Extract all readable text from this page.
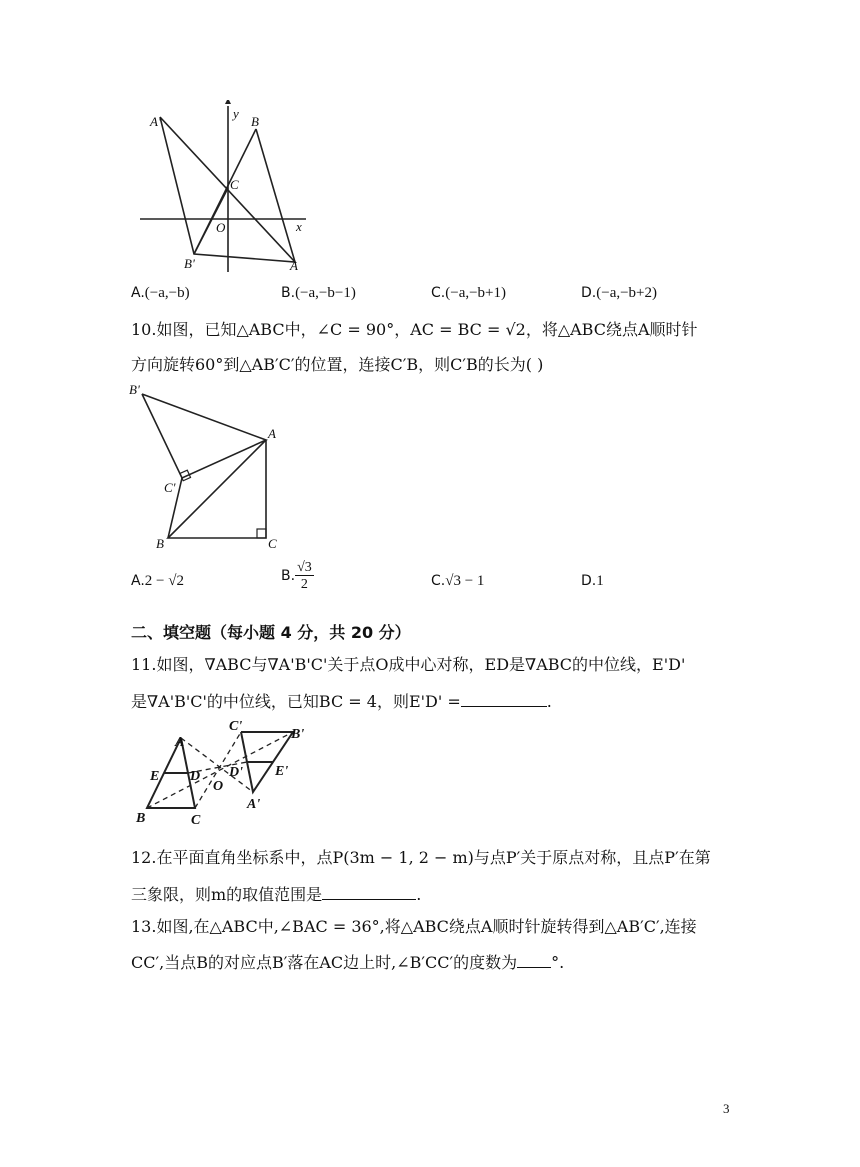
A'
y
B
C
O	x
B'	A
A.(−a,−b)	B.(−a,−b−1)	C.(−a,−b+1)	D.(−a,−b+2)
10.如图，已知△ABC中，∠C = 90°，AC = BC = √2，将△ABC绕点A顺时针
方向旋转60°到△AB′C′的位置，连接C′B，则C′B的长为( )
B'
A
C'
B	C
A.2 − √2	B. $\frac{√3}{2}$	C.√3 − 1	D.1
二、填空题（每小题 4 分，共 20 分）
11.如图，∇ABC与∇A'B'C'关于点O成中心对称，ED是∇ABC的中位线，E'D'
是∇A'B'C'的中位线，已知BC = 4，则E'D' =	.
C'
A
B'
E D D' E'
O
A'
B	C
12.在平面直角坐标系中，点P(3m − 1, 2 − m)与点P′关于原点对称，且点P′在第
三象限，则m的取值范围是	.
13.如图,在△ABC中,∠BAC = 36°,将△ABC绕点A顺时针旋转得到△AB′C′,连接
CC′,当点B的对应点B′落在AC边上时,∠B′CC′的度数为 °.
3
